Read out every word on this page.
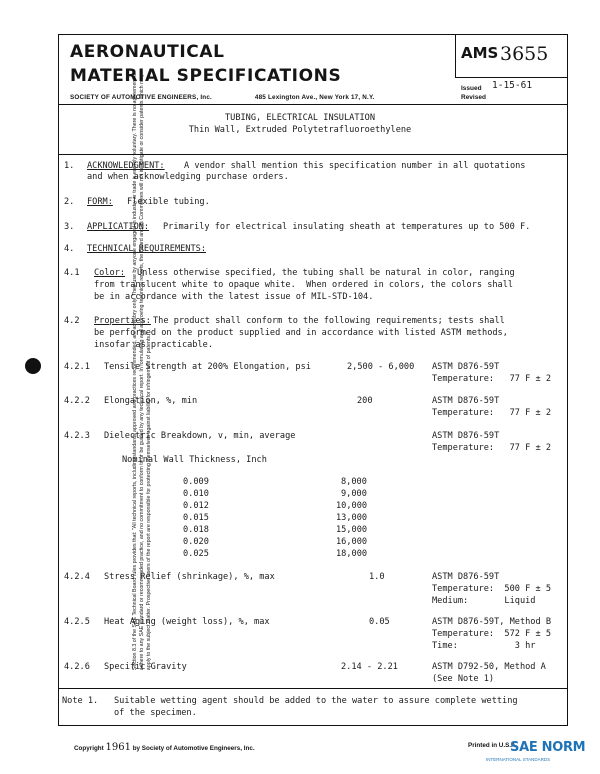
Section 8.3 of the SAE Technical Board rules provides that: "All technical reports, including standards approved and practices recommended, are advisory only. Their use by anyone engaged in industry or trade is entirely voluntary. There is no agreement to adhere to any SAE standard or recommended practice, and no commitment to conform to or be guided by any technical report. In formulating and approving technical reports, the Board and its Committees will not investigate or consider patents which may apply to the subject matter. Prospective users of the report are responsible for protecting themselves against liability for infringement of patents."
AERONAUTICAL
MATERIAL SPECIFICATIONS
SOCIETY OF AUTOMOTIVE ENGINEERS, Inc.	485 Lexington Ave., New York 17, N.Y.
AMS 3655
Issued 1-15-61
Revised
TUBING, ELECTRICAL INSULATION
Thin Wall, Extruded Polytetrafluoroethylene
1. ACKNOWLEDGMENT: A vendor shall mention this specification number in all quotations
and when acknowledging purchase orders.
2. FORM: Flexible tubing.
3. APPLICATION: Primarily for electrical insulating sheath at temperatures up to 500 F.
4. TECHNICAL REQUIREMENTS:
4.1 Color: Unless otherwise specified, the tubing shall be natural in color, ranging
from translucent white to opaque white.  When ordered in colors, the colors shall
be in accordance with the latest issue of MIL-STD-104.
4.2 Properties: The product shall conform to the following requirements; tests shall
be performed on the product supplied and in accordance with listed ASTM methods,
insofar as practicable.
4.2.1 Tensile Strength at 200% Elongation, psi	2,500 - 6,000 ASTM D876-59T
Temperature:   77 F ± 2
4.2.2 Elongation, %, min	200	ASTM D876-59T
Temperature:   77 F ± 2
4.2.3 Dielectric Breakdown, v, min, average	ASTM D876-59T
Temperature:   77 F ± 2
Nominal Wall Thickness, Inch
0.009	8,000
0.010	9,000
0.012	10,000
0.015	13,000
0.018	15,000
0.020	16,000
0.025	18,000
4.2.4 Stress Relief (shrinkage), %, max	1.0	ASTM D876-59T
Temperature:  500 F ± 5
Medium:       Liquid
4.2.5 Heat Aging (weight loss), %, max	0.05	ASTM D876-59T, Method B
Temperature:  572 F ± 5
Time:           3 hr
4.2.6 Specific Gravity	2.14 - 2.21	ASTM D792-50, Method A
(See Note 1)
Note 1. Suitable wetting agent should be added to the water to assure complete wetting
of the specimen.
Copyright 1961 by Society of Automotive Engineers, Inc.	Printed in U.S.A.
SAE NORM
INTERNATIONAL STANDARDS
